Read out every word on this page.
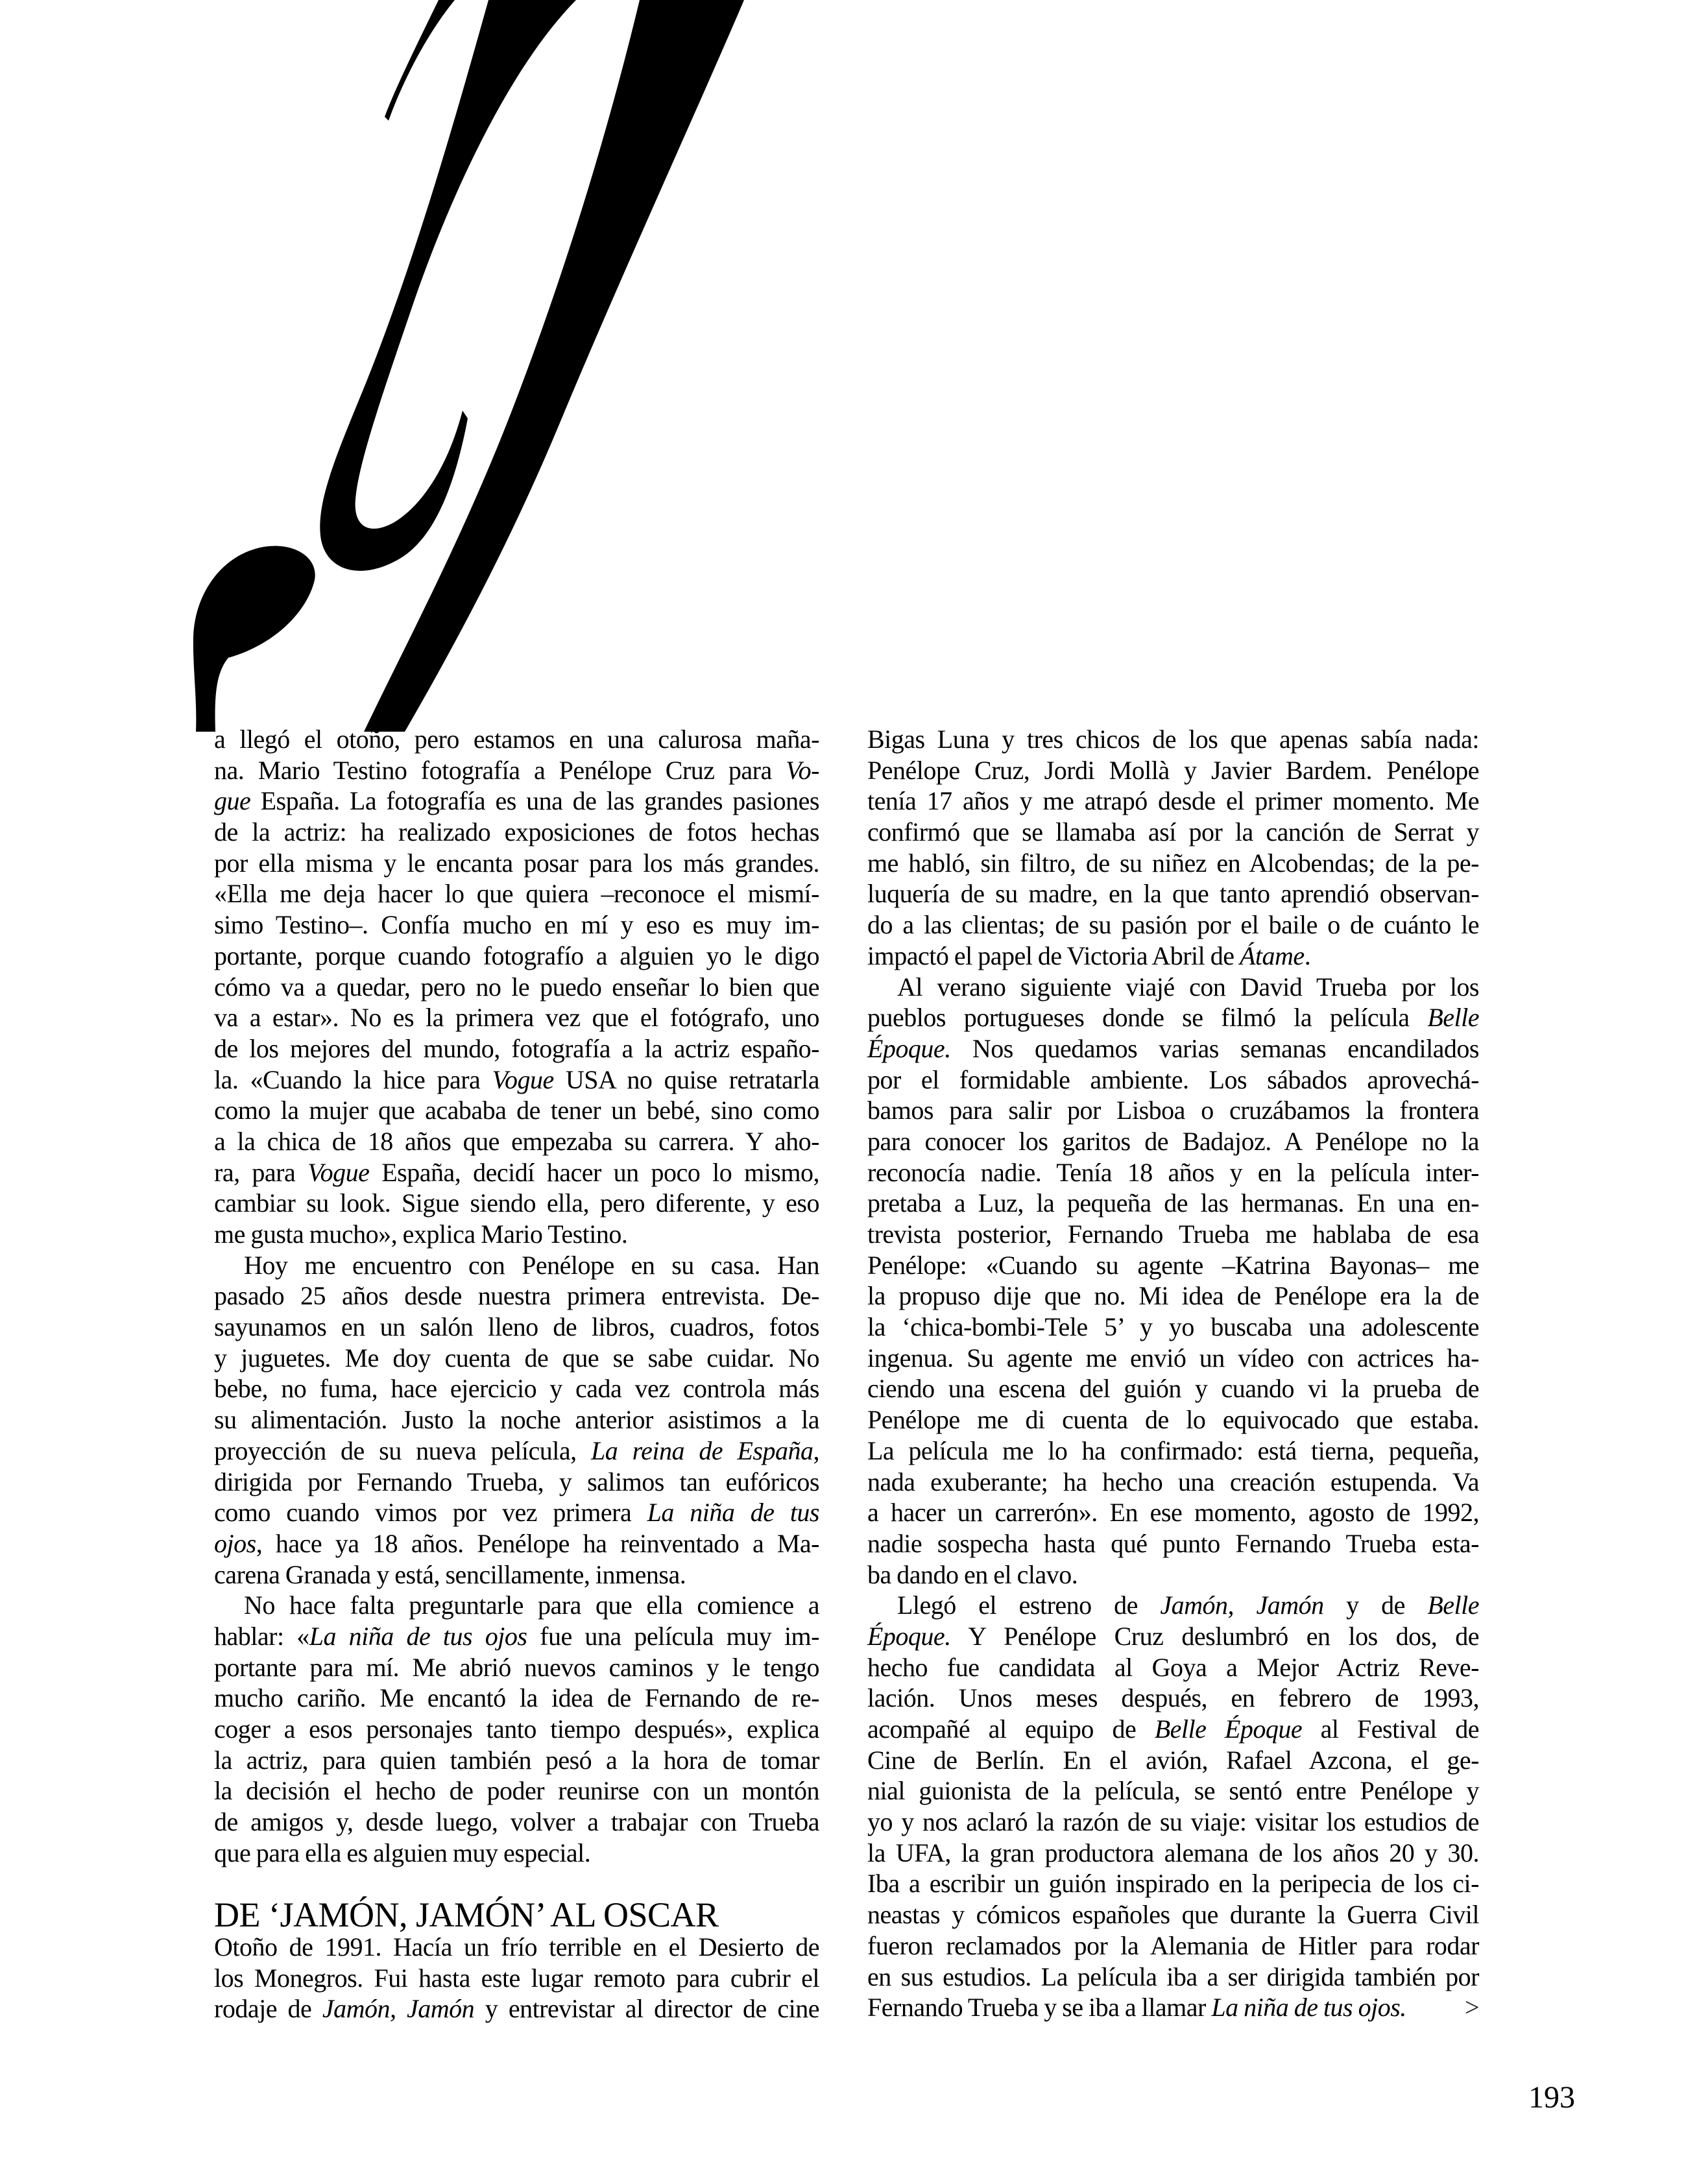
a llegó el otoño, pero estamos en una calurosa maña-
na. Mario Testino fotografía a Penélope Cruz para Vo-
gue España. La fotografía es una de las grandes pasiones
de la actriz: ha realizado exposiciones de fotos hechas
por ella misma y le encanta posar para los más grandes.
«Ella me deja hacer lo que quiera –reconoce el mismí-
simo Testino–. Confía mucho en mí y eso es muy im-
portante, porque cuando fotografío a alguien yo le digo
cómo va a quedar, pero no le puedo enseñar lo bien que
va a estar». No es la primera vez que el fotógrafo, uno
de los mejores del mundo, fotografía a la actriz españo-
la. «Cuando la hice para Vogue USA no quise retratarla
como la mujer que acababa de tener un bebé, sino como
a la chica de 18 años que empezaba su carrera. Y aho-
ra, para Vogue España, decidí hacer un poco lo mismo,
cambiar su look. Sigue siendo ella, pero diferente, y eso
me gusta mucho», explica Mario Testino.
Hoy me encuentro con Penélope en su casa. Han
pasado 25 años desde nuestra primera entrevista. De-
sayunamos en un salón lleno de libros, cuadros, fotos
y juguetes. Me doy cuenta de que se sabe cuidar. No
bebe, no fuma, hace ejercicio y cada vez controla más
su alimentación. Justo la noche anterior asistimos a la
proyección de su nueva película, La reina de España,
dirigida por Fernando Trueba, y salimos tan eufóricos
como cuando vimos por vez primera La niña de tus
ojos, hace ya 18 años. Penélope ha reinventado a Ma-
carena Granada y está, sencillamente, inmensa.
No hace falta preguntarle para que ella comience a
hablar: «La niña de tus ojos fue una película muy im-
portante para mí. Me abrió nuevos caminos y le tengo
mucho cariño. Me encantó la idea de Fernando de re-
coger a esos personajes tanto tiempo después», explica
la actriz, para quien también pesó a la hora de tomar
la decisión el hecho de poder reunirse con un montón
de amigos y, desde luego, volver a trabajar con Trueba
que para ella es alguien muy especial.
DE ‘JAMÓN, JAMÓN’ AL OSCAR
Otoño de 1991. Hacía un frío terrible en el Desierto de
los Monegros. Fui hasta este lugar remoto para cubrir el
rodaje de Jamón, Jamón y entrevistar al director de cine
Bigas Luna y tres chicos de los que apenas sabía nada:
Penélope Cruz, Jordi Mollà y Javier Bardem. Penélope
tenía 17 años y me atrapó desde el primer momento. Me
confirmó que se llamaba así por la canción de Serrat y
me habló, sin filtro, de su niñez en Alcobendas; de la pe-
luquería de su madre, en la que tanto aprendió observan-
do a las clientas; de su pasión por el baile o de cuánto le
impactó el papel de Victoria Abril de Átame.
Al verano siguiente viajé con David Trueba por los
pueblos portugueses donde se filmó la película Belle
Époque. Nos quedamos varias semanas encandilados
por el formidable ambiente. Los sábados aprovechá-
bamos para salir por Lisboa o cruzábamos la frontera
para conocer los garitos de Badajoz. A Penélope no la
reconocía nadie. Tenía 18 años y en la película inter-
pretaba a Luz, la pequeña de las hermanas. En una en-
trevista posterior, Fernando Trueba me hablaba de esa
Penélope: «Cuando su agente –Katrina Bayonas– me
la propuso dije que no. Mi idea de Penélope era la de
la ‘chica-bombi-Tele 5’ y yo buscaba una adolescente
ingenua. Su agente me envió un vídeo con actrices ha-
ciendo una escena del guión y cuando vi la prueba de
Penélope me di cuenta de lo equivocado que estaba.
La película me lo ha confirmado: está tierna, pequeña,
nada exuberante; ha hecho una creación estupenda. Va
a hacer un carrerón». En ese momento, agosto de 1992,
nadie sospecha hasta qué punto Fernando Trueba esta-
ba dando en el clavo.
Llegó el estreno de Jamón, Jamón y de Belle
Époque. Y Penélope Cruz deslumbró en los dos, de
hecho fue candidata al Goya a Mejor Actriz Reve-
lación. Unos meses después, en febrero de 1993,
acompañé al equipo de Belle Époque al Festival de
Cine de Berlín. En el avión, Rafael Azcona, el ge-
nial guionista de la película, se sentó entre Penélope y
yo y nos aclaró la razón de su viaje: visitar los estudios de
la UFA, la gran productora alemana de los años 20 y 30.
Iba a escribir un guión inspirado en la peripecia de los ci-
neastas y cómicos españoles que durante la Guerra Civil
fueron reclamados por la Alemania de Hitler para rodar
en sus estudios. La película iba a ser dirigida también por
Fernando Trueba y se iba a llamar La niña de tus ojos. >
193
